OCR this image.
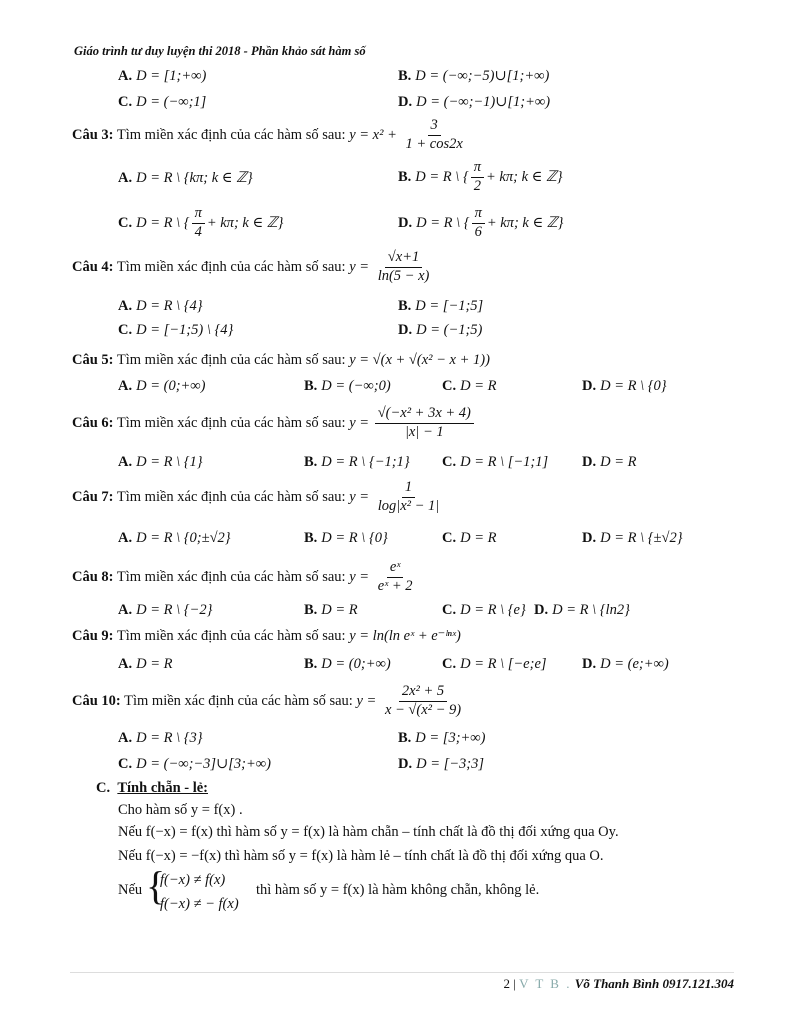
Giáo trình tư duy luyện thi 2018 - Phần khảo sát hàm số
A. D = [1;+∞)	B. D = (−∞;−5)∪[1;+∞)
C. D = (−∞;1]	D. D = (−∞;−1)∪[1;+∞)
Câu 3: Tìm miền xác định của các hàm số sau: $y = x^2 + \frac{3}{1 + \cos 2x}$
A. D = R \ {kπ; k ∈ ℤ}	B. D = R \ { $\frac{\pi}{2} + k\pi$; k ∈ ℤ}
C. D = R \ { $\frac{\pi}{4} + k\pi$; k ∈ ℤ}	D. D = R \ { $\frac{\pi}{6} + k\pi$; k ∈ ℤ}
Câu 4: Tìm miền xác định của các hàm số sau: $y = \frac{√x+1}{\ln(5 - x)}$
A. D = R \ {4}	B. D = [−1;5]
C. D = [−1;5) \ {4}	D. D = (−1;5)
Câu 5: Tìm miền xác định của các hàm số sau: y = √(x + √(x² − x + 1))
A. D = (0;+∞)	B. D = (−∞;0)	C. D = R	D. D = R \ {0}
Câu 6: Tìm miền xác định của các hàm số sau: $y = \frac{\text{√(−x² + 3x + 4)}}{|x| - 1}$
A. D = R \ {1}	B. D = R \ {−1;1} C. D = R \ [−1;1] D. D = R
Câu 7: Tìm miền xác định của các hàm số sau: $y = \frac{1}{\text{log|x² − 1|}}$
A. D = R \ {0;±√2}	B. D = R \ {0}	C. D = R	D. D = R \ {±√2}
Câu 8: Tìm miền xác định của các hàm số sau: $y = \frac{\text{eˣ}}{\text{eˣ + 2}}$
A. D = R \ {−2}	B. D = R	C. D = R \ {e} D. D = R \ {ln2}
Câu 9: Tìm miền xác định của các hàm số sau: y = ln(ln eˣ + e⁻ˡⁿˣ)
A. D = R	B. D = (0;+∞)	C. D = R \ [−e;e] D. D = (e;+∞)
Câu 10: Tìm miền xác định của các hàm số sau: $y = \frac{\text{2x² + 5}}{\text{x − √(x² − 9)}}$
A. D = R \ {3}	B. D = [3;+∞)
C. D = (−∞;−3]∪[3;+∞)	D. D = [−3;3]
C. Tính chẵn - lẻ:
Cho hàm số y = f(x) .
Nếu f(−x) = f(x) thì hàm số y = f(x) là hàm chẵn – tính chất là đồ thị đối xứng qua Oy.
Nếu f(−x) = −f(x) thì hàm số y = f(x) là hàm lẻ – tính chất là đồ thị đối xứng qua O.
Nếu {
f(−x) ≠ f(x)
f(−x) ≠ − f(x)
thì hàm số y = f(x) là hàm không chẵn, không lẻ.
2 | V T B . Võ Thanh Bình 0917.121.304
